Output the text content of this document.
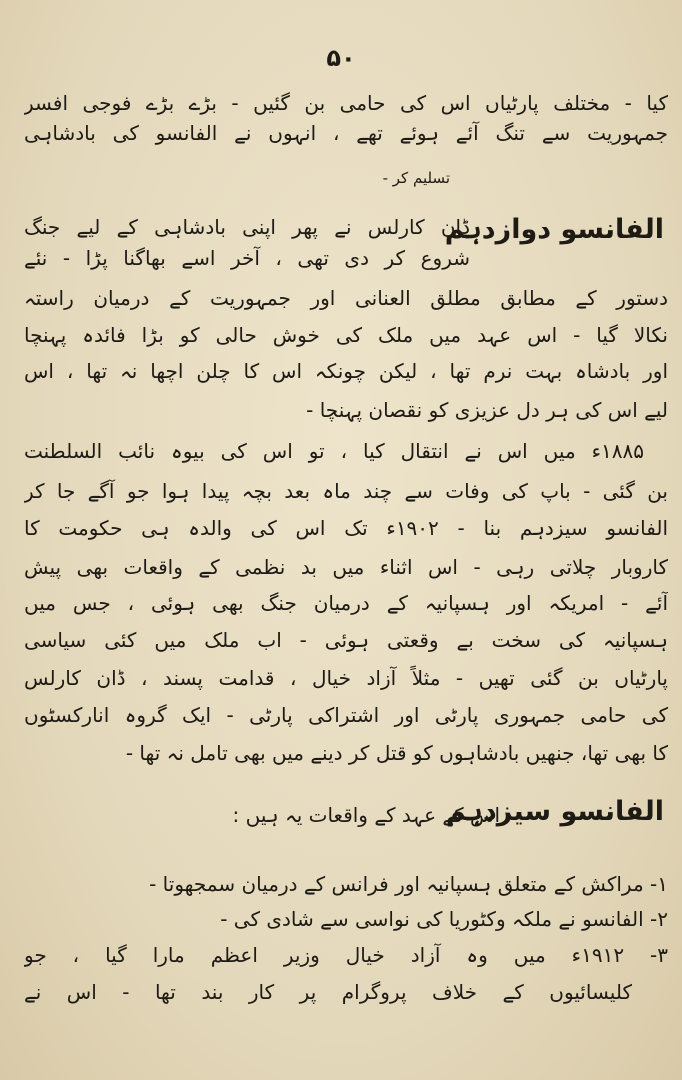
۵۰
کیا - مختلف پارٹیاں اس کی حامی بن گئیں - بڑے بڑے فوجی افسر
جمہوریت سے تنگ آئے ہوئے تھے ، انہوں نے الفانسو کی بادشاہی
تسلیم کر -
الفانسو دوازدہم
ڈان کارلس نے پھر اپنی بادشاہی کے لیے جنگ
شروع کر دی تھی ، آخر اسے بھاگنا پڑا - نئے
دستور کے مطابق مطلق العنانی اور جمہوریت کے درمیان راستہ
نکالا گیا - اس عہد میں ملک کی خوش حالی کو بڑا فائدہ پہنچا
اور بادشاہ بہت نرم تھا ، لیکن چونکہ اس کا چلن اچھا نہ تھا ، اس
لیے اس کی ہر دل عزیزی کو نقصان پہنچا -
۱۸۸۵ء میں اس نے انتقال کیا ، تو اس کی بیوہ نائب السلطنت
بن گئی - باپ کی وفات سے چند ماہ بعد بچہ پیدا ہوا جو آگے جا کر
الفانسو سیزدہم بنا - ۱۹۰۲ء تک اس کی والدہ ہی حکومت کا
کاروبار چلاتی رہی - اس اثناء میں بد نظمی کے واقعات بھی پیش
آئے - امریکہ اور ہسپانیہ کے درمیان جنگ بھی ہوئی ، جس میں
ہسپانیہ کی سخت بے وقعتی ہوئی - اب ملک میں کئی سیاسی
پارٹیاں بن گئی تھیں - مثلاً آزاد خیال ، قدامت پسند ، ڈان کارلس
کی حامی جمہوری پارٹی اور اشتراکی پارٹی - ایک گروہ انارکسٹوں
کا بھی تھا، جنھیں بادشاہوں کو قتل کر دینے میں بھی تامل نہ تھا -
الفانسو سیزدہم
اس کے عہد کے واقعات یہ ہیں :
۱- مراکش کے متعلق ہسپانیہ اور فرانس کے درمیان سمجھوتا -
۲- الفانسو نے ملکہ وکٹوریا کی نواسی سے شادی کی -
۳- ۱۹۱۲ء میں وہ آزاد خیال وزیر اعظم مارا گیا ، جو
کلیسائیوں کے خلاف پروگرام پر کار بند تھا - اس نے
